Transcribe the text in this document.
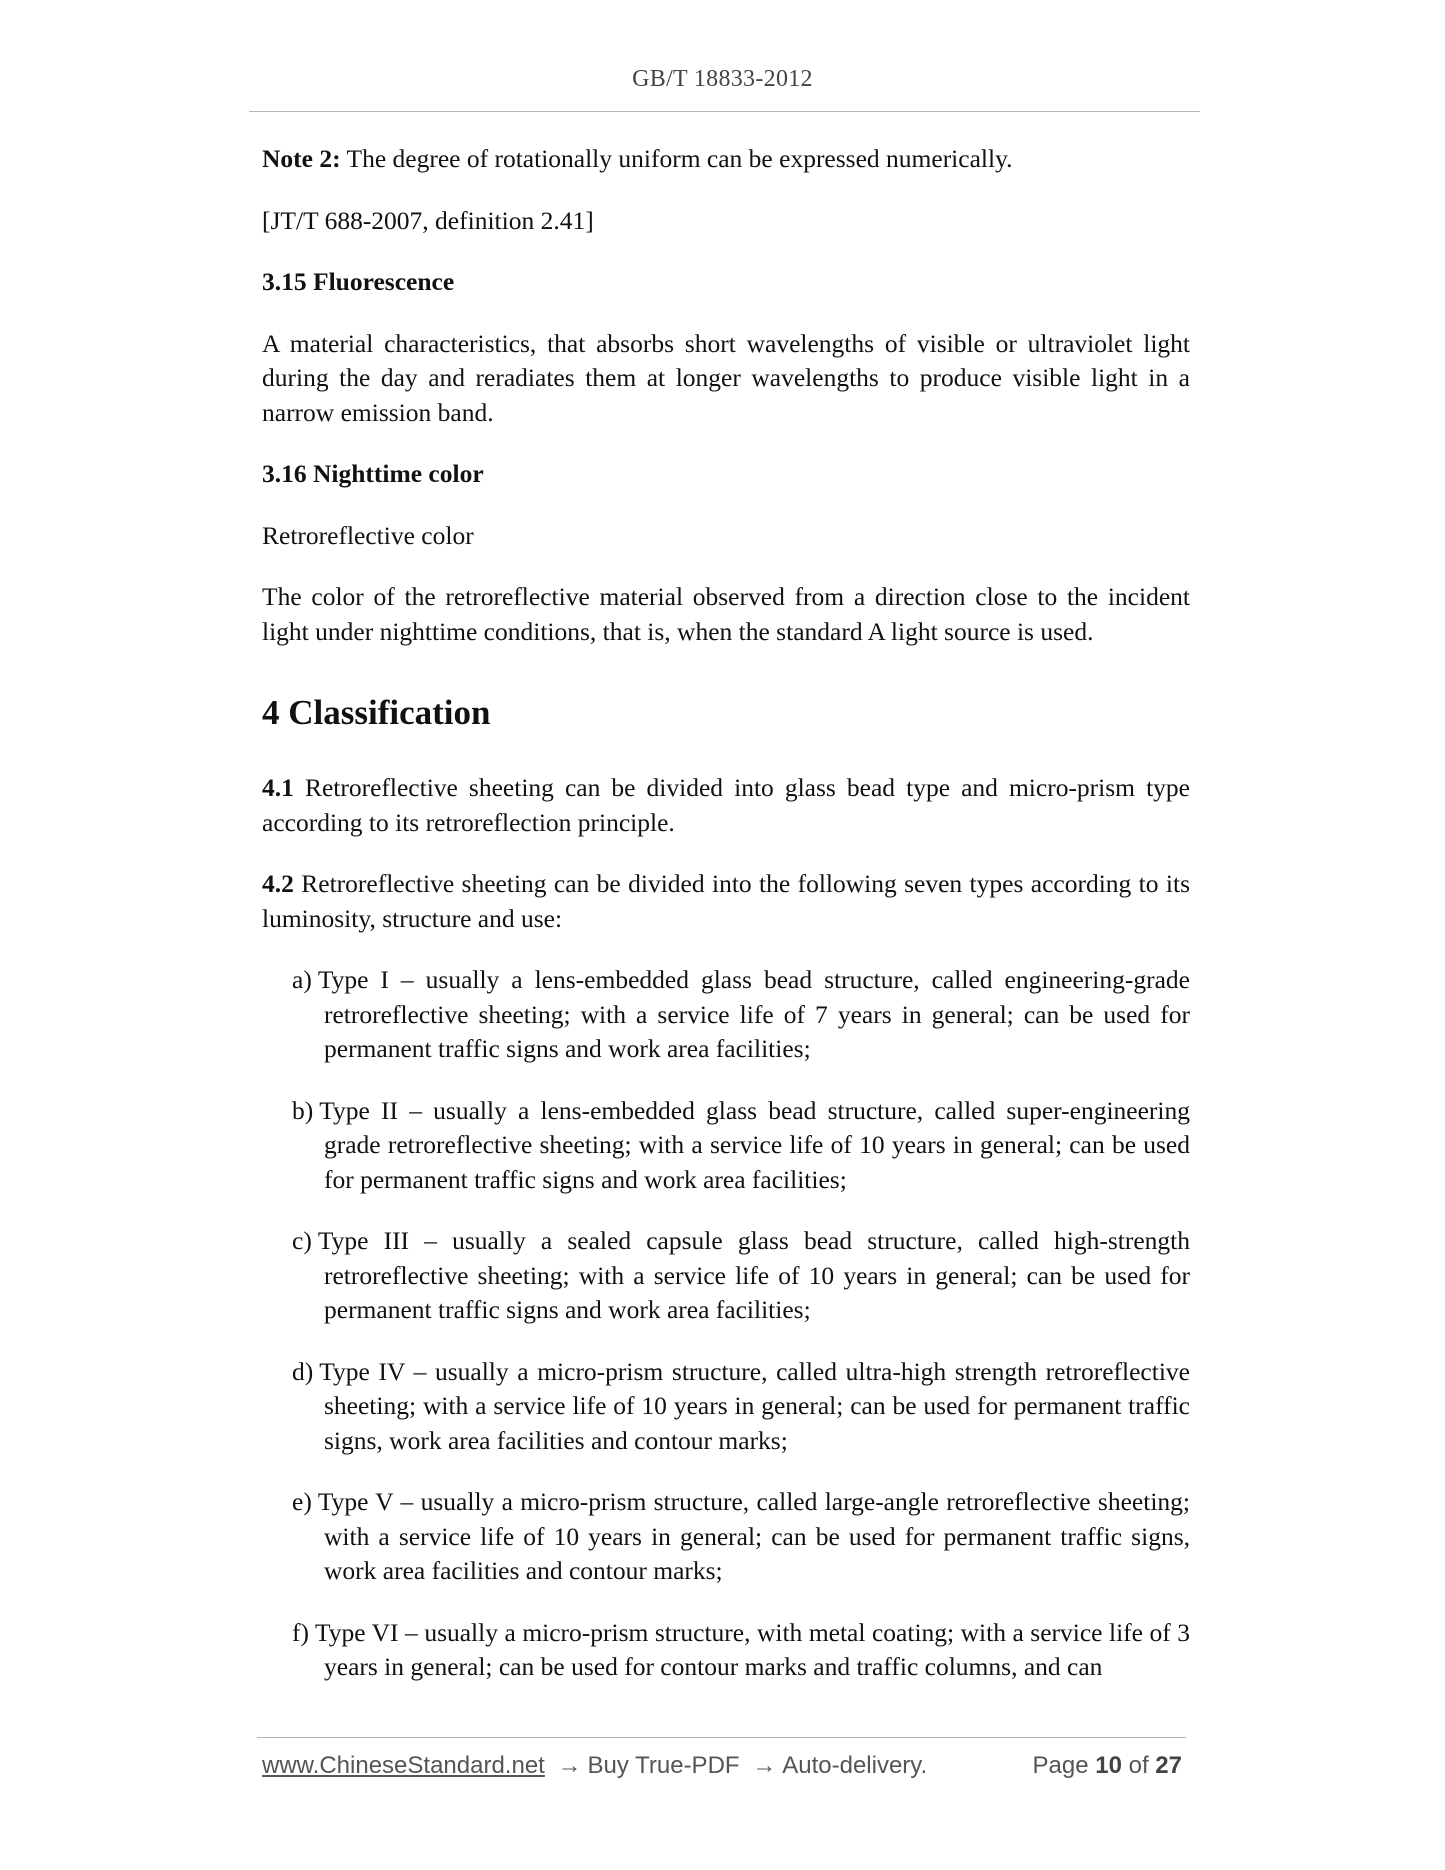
GB/T 18833-2012

Note 2: The degree of rotationally uniform can be expressed numerically.

[JT/T 688-2007, definition 2.41]

3.15 Fluorescence

A material characteristics, that absorbs short wavelengths of visible or ultraviolet light during the day and reradiates them at longer wavelengths to produce visible light in a narrow emission band.

3.16 Nighttime color

Retroreflective color

The color of the retroreflective material observed from a direction close to the incident light under nighttime conditions, that is, when the standard A light source is used.

4 Classification

4.1 Retroreflective sheeting can be divided into glass bead type and micro-prism type according to its retroreflection principle.

4.2 Retroreflective sheeting can be divided into the following seven types according to its luminosity, structure and use:

a) Type I – usually a lens-embedded glass bead structure, called engineering-grade retroreflective sheeting; with a service life of 7 years in general; can be used for permanent traffic signs and work area facilities;
b) Type II – usually a lens-embedded glass bead structure, called super-engineering grade retroreflective sheeting; with a service life of 10 years in general; can be used for permanent traffic signs and work area facilities;
c) Type III – usually a sealed capsule glass bead structure, called high-strength retroreflective sheeting; with a service life of 10 years in general; can be used for permanent traffic signs and work area facilities;
d) Type IV – usually a micro-prism structure, called ultra-high strength retroreflective sheeting; with a service life of 10 years in general; can be used for permanent traffic signs, work area facilities and contour marks;
e) Type V – usually a micro-prism structure, called large-angle retroreflective sheeting; with a service life of 10 years in general; can be used for permanent traffic signs, work area facilities and contour marks;
f) Type VI – usually a micro-prism structure, with metal coating; with a service life of 3 years in general; can be used for contour marks and traffic columns, and can
www.ChineseStandard.net → Buy True-PDF → Auto-delivery.	Page 10 of 27
